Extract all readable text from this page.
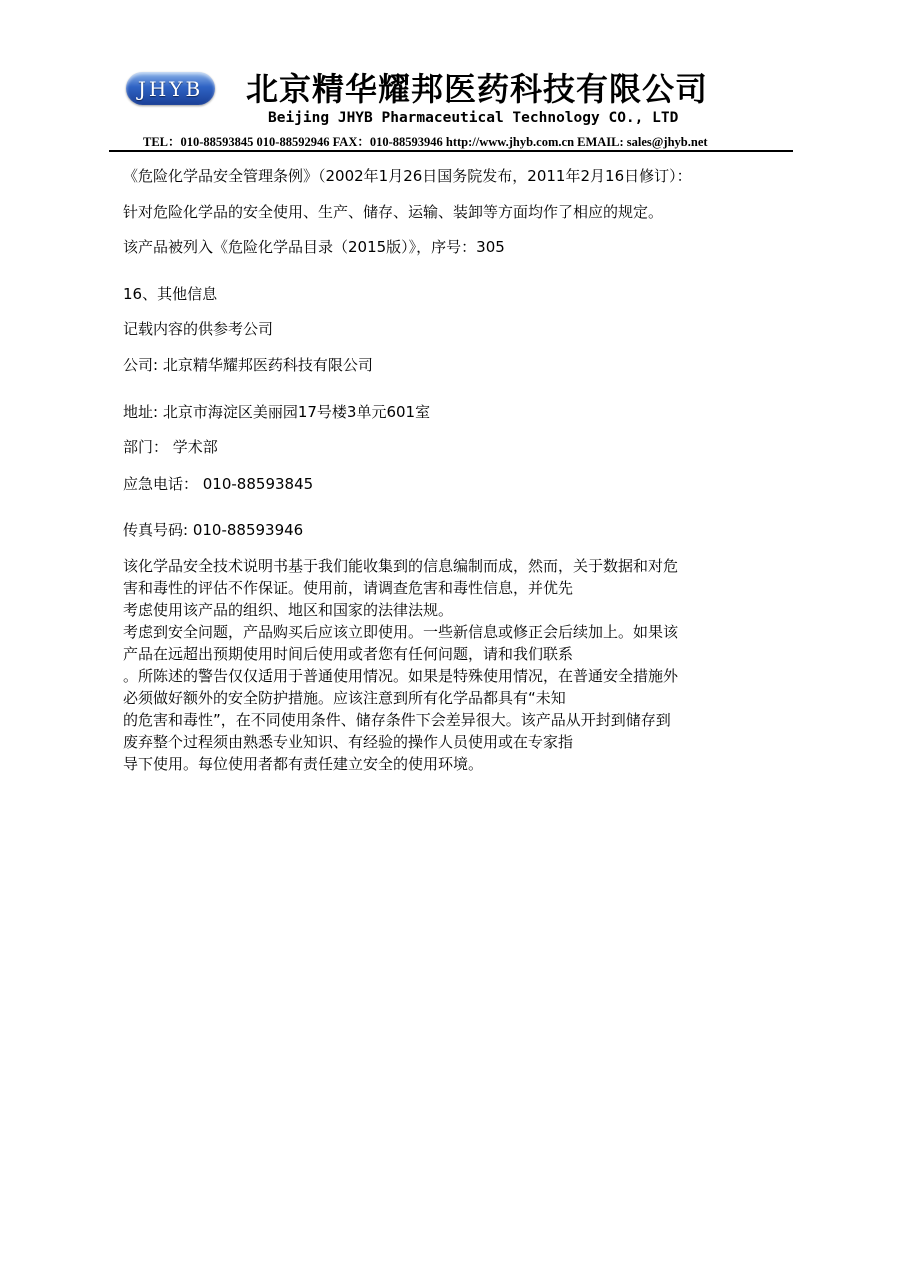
JHYB 北京精华耀邦医药科技有限公司
Beijing JHYB Pharmaceutical Technology CO., LTD
TEL：010-88593845 010-88592946 FAX：010-88593946 http://www.jhyb.com.cn EMAIL: sales@jhyb.net
《危险化学品安全管理条例》（2002年1月26日国务院发布，2011年2月16日修订）：
针对危险化学品的安全使用、生产、储存、运输、装卸等方面均作了相应的规定。
该产品被列入《危险化学品目录（2015版）》，序号：305
16、其他信息
记载内容的供参考公司
公司: 北京精华耀邦医药科技有限公司
地址: 北京市海淀区美丽园17号楼3单元601室
部门： 学术部
应急电话： 010-88593845
传真号码: 010-88593946
该化学品安全技术说明书基于我们能收集到的信息编制而成，然而，关于数据和对危
害和毒性的评估不作保证。使用前，请调查危害和毒性信息，并优先
考虑使用该产品的组织、地区和国家的法律法规。
考虑到安全问题，产品购买后应该立即使用。一些新信息或修正会后续加上。如果该
产品在远超出预期使用时间后使用或者您有任何问题，请和我们联系
。所陈述的警告仅仅适用于普通使用情况。如果是特殊使用情况，在普通安全措施外
必须做好额外的安全防护措施。应该注意到所有化学品都具有“未知
的危害和毒性”，在不同使用条件、储存条件下会差异很大。该产品从开封到储存到
废弃整个过程须由熟悉专业知识、有经验的操作人员使用或在专家指
导下使用。每位使用者都有责任建立安全的使用环境。
